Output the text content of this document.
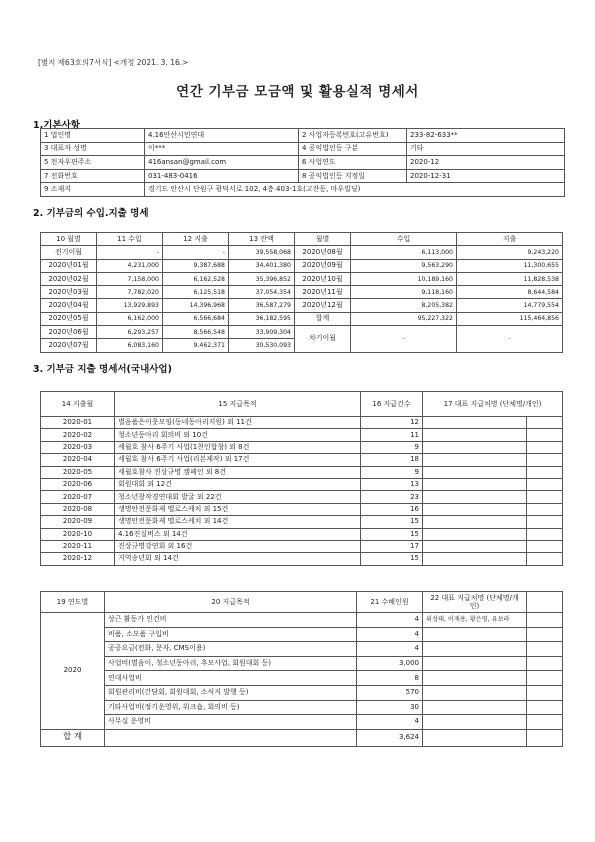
[별지 제63호의7서식] <개정 2021. 3. 16.>
연간 기부금 모금액 및 활용실적 명세서
1.기본사항
1 법인명	4.16안산시민연대	2 사업자등록번호(고유번호)	233-82-633**
3 대표자 성명	이***	4 공익법인등 구분	기타
5 전자우편주소	416ansan@gmail.com	6 사업연도	2020-12
7 전화번호	031-483-0416	8 공익법인등 지정일	2020-12-31
9 소재지	경기도 안산시 단원구 광덕서로 102, 4층 403-1호(고잔동, 마우빌딩)		
2. 기부금의 수입.지출 명세
10 월별	11 수입	12 지출	13 잔액	월별	수입	지출
전기이월	-	-	39,558,068	2020년08월	6,113,000	9,243,220
2020년01월	4,231,000	9,387,688	34,401,380	2020년09월	9,563,290	11,300,655
2020년02월	7,158,000	6,162,528	35,396,852	2020년10월	10,189,160	11,828,538
2020년03월	7,782,020	6,125,518	37,054,354	2020년11월	9,118,160	8,644,584
2020년04월	13,929,893	14,396,968	36,587,279	2020년12월	8,205,382	14,779,554
2020년05월	6,162,000	6,566,684	36,182,595	합계	95,227,322	115,464,856
2020년06월	6,293,257	8,566,548	33,909,304	차기이월	-	-
2020년07월	6,083,160	9,462,371	30,530,093			
3. 기부금 지출 명세서(국내사업)
14 지출월	15 지급목적	16 지급건수	17 대표 지급처명 (단체명/개인)	
2020-01	별음품은이웃모임(동네동아리지원) 외 11건	12		
2020-02	청소년동아리 회의비 외 10건	11		
2020-03	세월호 참사 6주기 사업(1천인합창) 외 8건	9		
2020-04	세월호 참사 6주기 사업(리본제작) 외 17건	18		
2020-05	세월호참사 진상규명 캠페인 외 8건	9		
2020-06	회원대회 외 12건	13		
2020-07	청소년창작경연대회 발굴 외 22건	23		
2020-08	생명안전문화제 멜로스케치 외 15건	16		
2020-09	생명안전문화제 멜로스케치 외 14건	15		
2020-10	4.16진실버스 외 14건	15		
2020-11	진상규명강연회 외 16건	17		
2020-12	지역송년회 외 14건	15		
19 연도별	20 지급목적	21 수혜인원	22 대표 지급처명 (단체명/개인)	
2020	상근 활동가 인건비	4	위성태, 이재용, 황은영, 유보라	
	비품, 소모품 구입비	4		
	공공요금(전화, 문자, CMS이용)	4		
	사업비(별음이, 청소년동아리, 추모사업, 회원대회 등)	3,000		
	연대사업비	8		
	회원관리비(간담회, 회원대회, 소식지 발행 등)	570		
	기타사업비(정기운영위, 워크숍, 회의비 등)	30		
	사무실 운영비	4		
합 계		3,624		
